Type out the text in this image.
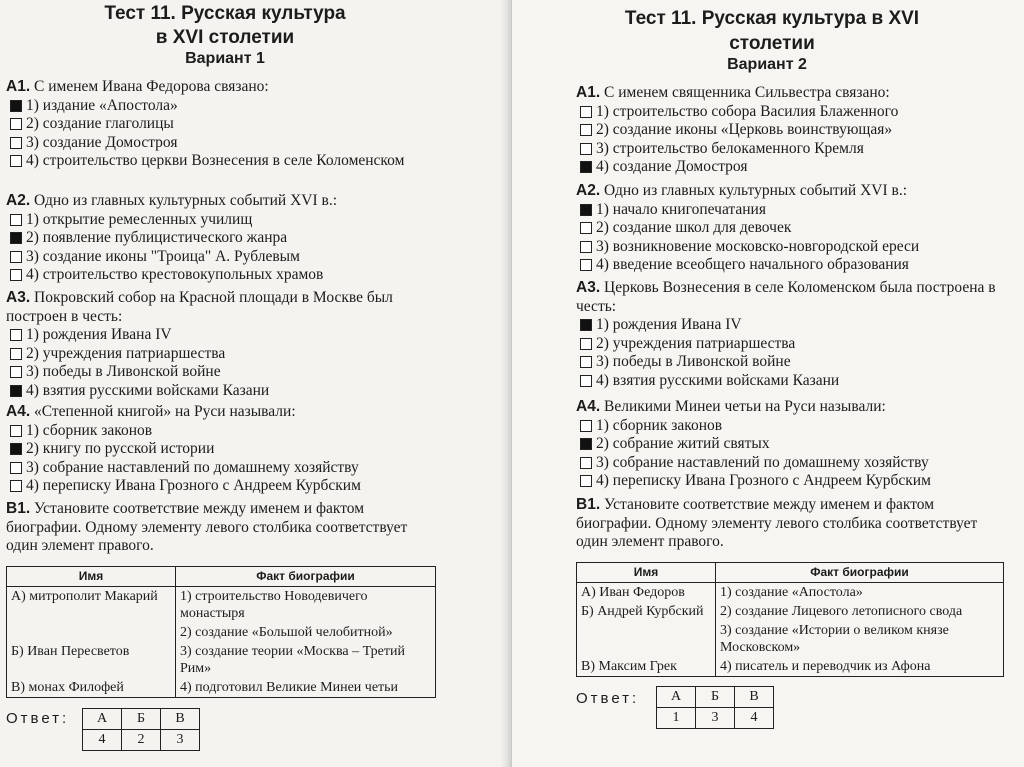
Тест 11. Русская культура
в XVI столетии
Вариант 1
A1. С именем Ивана Федорова связано:
1) издание «Апостола»
2) создание глаголицы
3) создание Домостроя
4) строительство церкви Вознесения в селе Коломенском
A2. Одно из главных культурных событий XVI в.:
1) открытие ремесленных училищ
2) появление публицистического жанра
3) создание иконы "Троица" А. Рублевым
4) строительство крестовокупольных храмов
A3. Покровский собор на Красной площади в Москве был построен в честь:
1) рождения Ивана IV
2) учреждения патриаршества
3) победы в Ливонской войне
4) взятия русскими войсками Казани
A4. «Степенной книгой» на Руси называли:
1) сборник законов
2) книгу по русской истории
3) собрание наставлений по домашнему хозяйству
4) переписку Ивана Грозного с Андреем Курбским
B1. Установите соответствие между именем и фактом биографии. Одному элементу левого столбика соответствует один элемент правого.
Имя	Факт биографии
А) митрополит Макарий	1) строительство Новодевичего монастыря
	2) создание «Большой челобитной»
Б) Иван Пересветов	3) создание теории «Москва – Третий Рим»
В) монах Филофей	4) подготовил Великие Минеи четьи
Ответ: А	Б	В
4	2	3
Тест 11. Русская культура в XVI
столетии
Вариант 2
A1. С именем священника Сильвестра связано:
1) строительство собора Василия Блаженного
2) создание иконы «Церковь воинствующая»
3) строительство белокаменного Кремля
4) создание Домостроя
A2. Одно из главных культурных событий XVI в.:
1) начало книгопечатания
2) создание школ для девочек
3) возникновение московско-новгородской ереси
4) введение всеобщего начального образования
A3. Церковь Вознесения в селе Коломенском была построена в честь:
1) рождения Ивана IV
2) учреждения патриаршества
3) победы в Ливонской войне
4) взятия русскими войсками Казани
A4. Великими Минеи четьи на Руси называли:
1) сборник законов
2) собрание житий святых
3) собрание наставлений по домашнему хозяйству
4) переписку Ивана Грозного с Андреем Курбским
B1. Установите соответствие между именем и фактом биографии. Одному элементу левого столбика соответствует один элемент правого.
Имя	Факт биографии
А) Иван Федоров	1) создание «Апостола»
Б) Андрей Курбский	2) создание Лицевого летописного свода
	3) создание «Истории о великом князе Московском»
В) Максим Грек	4) писатель и переводчик из Афона
Ответ: А	Б	В
1	3	4
